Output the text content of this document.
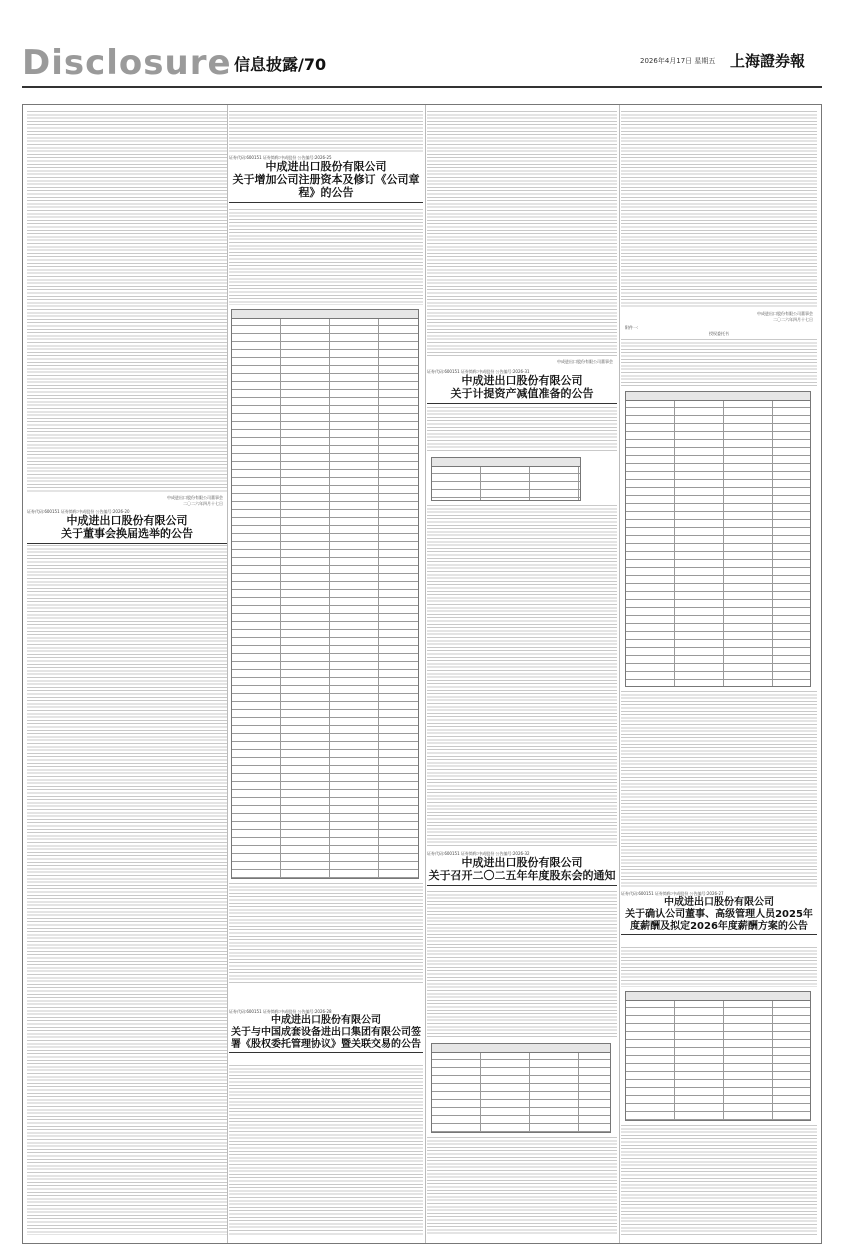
Disclosure 信息披露/70	2026年4月17日 星期五 上海證券報
中成进出口股份有限公司董事会
二〇二六年四月十七日
证券代码:600151 证券简称:中成股份 公告编号:2026-20
中成进出口股份有限公司
关于董事会换届选举的公告
证券代码:600151 证券简称:中成股份 公告编号:2026-25
中成进出口股份有限公司
关于增加公司注册资本及修订《公司章程》的公告
证券代码:600151 证券简称:中成股份 公告编号:2026-28
中成进出口股份有限公司
关于与中国成套设备进出口集团有限公司签署《股权委托管理协议》暨关联交易的公告
中成进出口股份有限公司董事会
证券代码:600151 证券简称:中成股份 公告编号:2026-31
中成进出口股份有限公司
关于计提资产减值准备的公告
证券代码:600151 证券简称:中成股份 公告编号:2026-32
中成进出口股份有限公司
关于召开二〇二五年年度股东会的通知
中成进出口股份有限公司董事会
二〇二六年四月十七日
附件一:
授权委托书
证券代码:600151 证券简称:中成股份 公告编号:2026-27
中成进出口股份有限公司
关于确认公司董事、高级管理人员2025年度薪酬及拟定2026年度薪酬方案的公告
